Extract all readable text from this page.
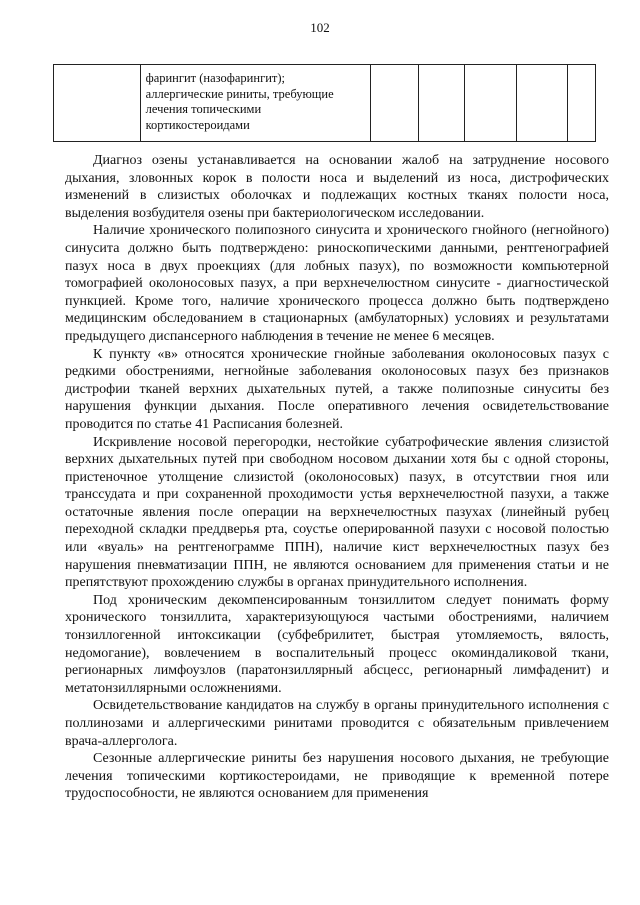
102
	фарингит (назофарингит); аллергические риниты, требующие лечения топическими кортикостероидами					

Диагноз озены устанавливается на основании жалоб на затруднение носового дыхания, зловонных корок в полости носа и выделений из носа, дистрофических изменений в слизистых оболочках и подлежащих костных тканях полости носа, выделения возбудителя озены при бактериологическом исследовании.

Наличие хронического полипозного синусита и хронического гнойного (негнойного) синусита должно быть подтверждено: риноскопическими данными, рентгенографией пазух носа в двух проекциях (для лобных пазух), по возможности компьютерной томографией околоносовых пазух, а при верхнечелюстном синусите - диагностической пункцией. Кроме того, наличие хронического процесса должно быть подтверждено медицинским обследованием в стационарных (амбулаторных) условиях и результатами предыдущего диспансерного наблюдения в течение не менее 6 месяцев.

К пункту «в» относятся хронические гнойные заболевания околоносовых пазух с редкими обострениями, негнойные заболевания околоносовых пазух без признаков дистрофии тканей верхних дыхательных путей, а также полипозные синуситы без нарушения функции дыхания. После оперативного лечения освидетельствование проводится по статье 41 Расписания болезней.

Искривление носовой перегородки, нестойкие субатрофические явления слизистой верхних дыхательных путей при свободном носовом дыхании хотя бы с одной стороны, пристеночное утолщение слизистой (околоносовых) пазух, в отсутствии гноя или транссудата и при сохраненной проходимости устья верхнечелюстной пазухи, а также остаточные явления после операции на верхнечелюстных пазухах (линейный рубец переходной складки преддверья рта, соустье оперированной пазухи с носовой полостью или «вуаль» на рентгенограмме ППН), наличие кист верхнечелюстных пазух без нарушения пневматизации ППН, не являются основанием для применения статьи и не препятствуют прохождению службы в органах принудительного исполнения.

Под хроническим декомпенсированным тонзиллитом следует понимать форму хронического тонзиллита, характеризующуюся частыми обострениями, наличием тонзиллогенной интоксикации (субфебрилитет, быстрая утомляемость, вялость, недомогание), вовлечением в воспалительный процесс окоминдаликовой ткани, регионарных лимфоузлов (паратонзиллярный абсцесс, регионарный лимфаденит) и метатонзиллярными осложнениями.

Освидетельствование кандидатов на службу в органы принудительного исполнения с поллинозами и аллергическими ринитами проводится с обязательным привлечением врача-аллерголога.

Сезонные аллергические риниты без нарушения носового дыхания, не требующие лечения топическими кортикостероидами, не приводящие к временной потере трудоспособности, не являются основанием для применения
